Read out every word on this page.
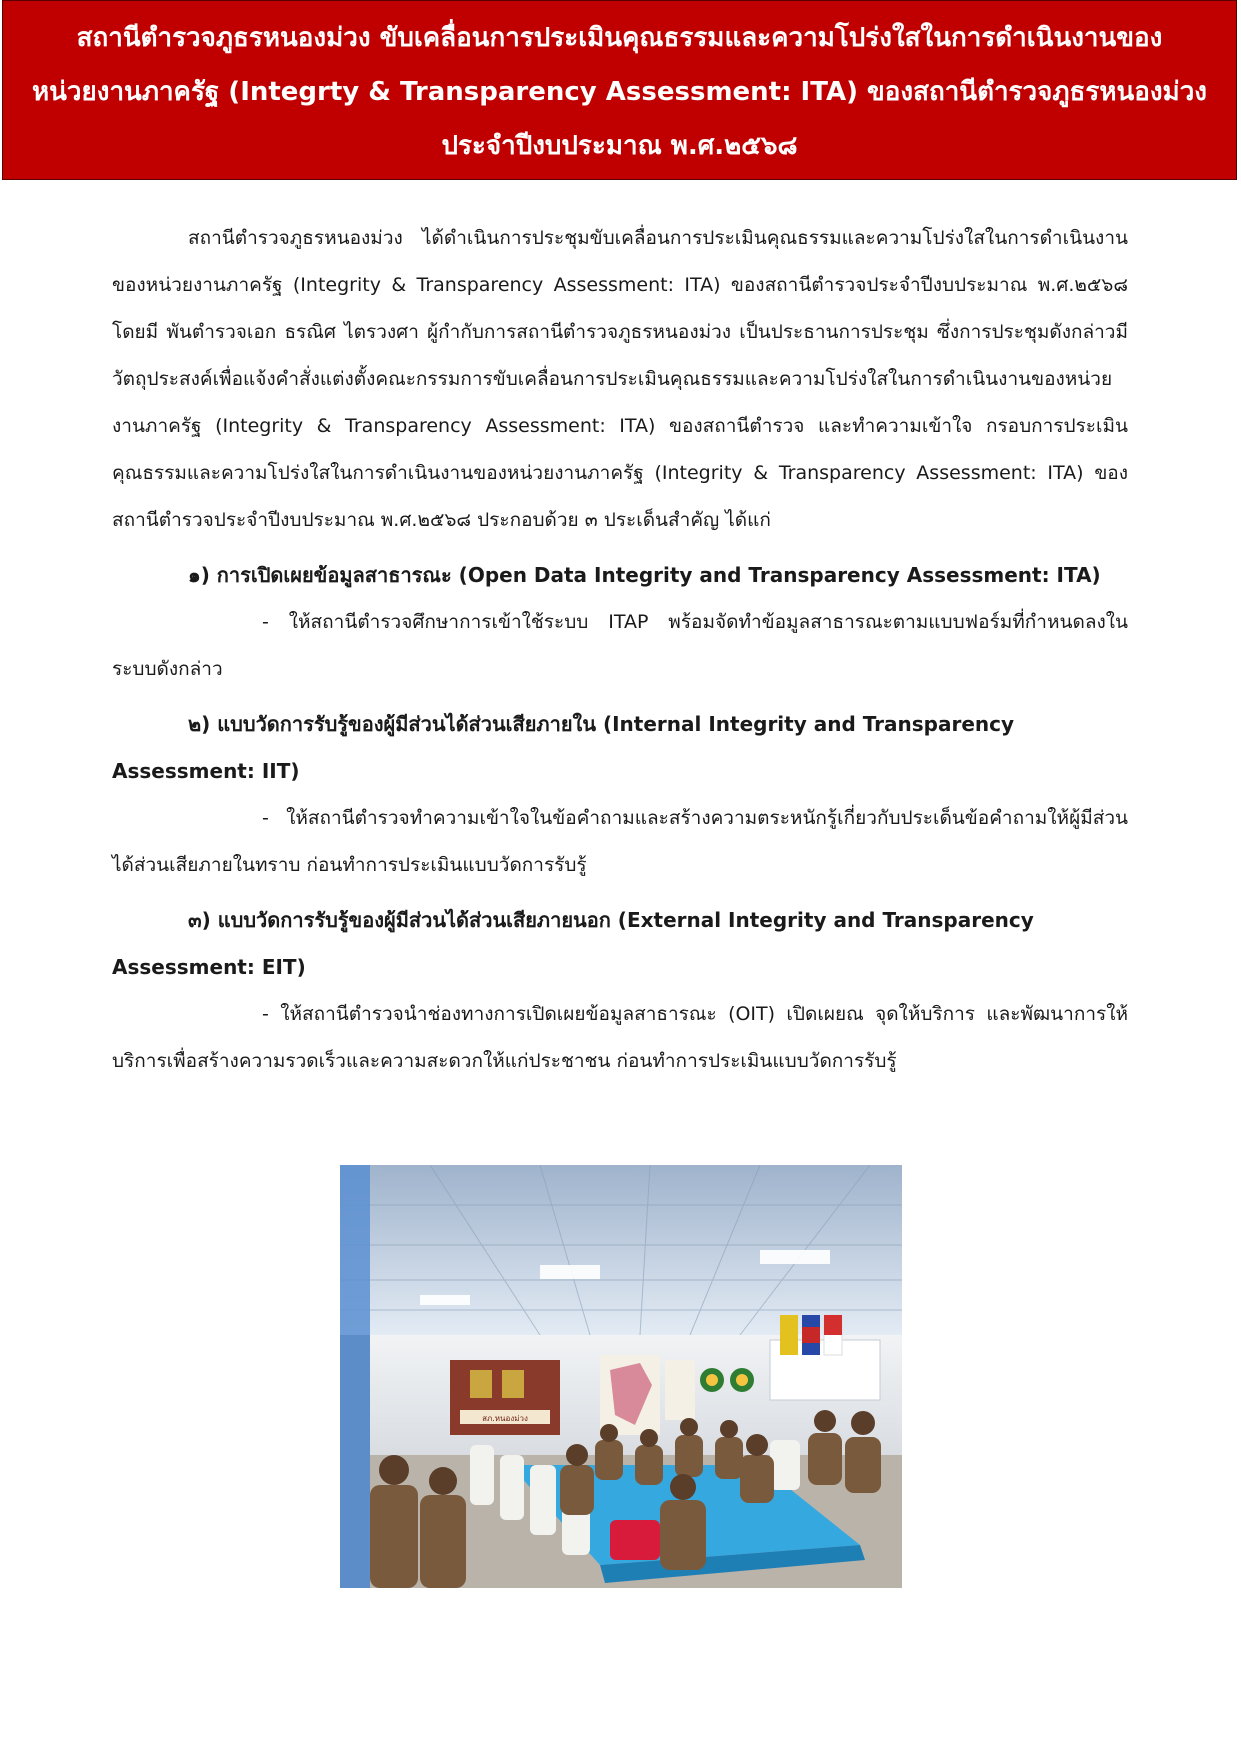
สถานีตำรวจภูธรหนองม่วง ขับเคลื่อนการประเมินคุณธรรมและความโปร่งใสในการดำเนินงานของ
หน่วยงานภาครัฐ (Integrty & Transparency Assessment: ITA) ของสถานีตำรวจภูธรหนองม่วง
ประจำปีงบประมาณ พ.ศ.๒๕๖๘

สถานีตำรวจภูธรหนองม่วง ได้ดำเนินการประชุมขับเคลื่อนการประเมินคุณธรรมและความโปร่งใสในการดำเนินงานของหน่วยงานภาครัฐ (Integrity & Transparency Assessment: ITA) ของสถานีตำรวจประจำปีงบประมาณ พ.ศ.๒๕๖๘ โดยมี พันตำรวจเอก ธรณิศ ไตรวงศา ผู้กำกับการสถานีตำรวจภูธรหนองม่วง เป็นประธานการประชุม ซึ่งการประชุมดังกล่าวมีวัตถุประสงค์เพื่อแจ้งคำสั่งแต่งตั้งคณะกรรมการขับเคลื่อนการประเมินคุณธรรมและความโปร่งใสในการดำเนินงานของหน่วยงานภาครัฐ (Integrity & Transparency Assessment: ITA) ของสถานีตำรวจ และทำความเข้าใจ กรอบการประเมินคุณธรรมและความโปร่งใสในการดำเนินงานของหน่วยงานภาครัฐ (Integrity & Transparency Assessment: ITA) ของสถานีตำรวจประจำปีงบประมาณ พ.ศ.๒๕๖๘ ประกอบด้วย ๓ ประเด็นสำคัญ ได้แก่

๑) การเปิดเผยข้อมูลสาธารณะ (Open Data Integrity and Transparency Assessment: ITA)

- ให้สถานีตำรวจศึกษาการเข้าใช้ระบบ ITAP พร้อมจัดทำข้อมูลสาธารณะตามแบบฟอร์มที่กำหนดลงในระบบดังกล่าว

๒) แบบวัดการรับรู้ของผู้มีส่วนได้ส่วนเสียภายใน (Internal Integrity and Transparency Assessment: IIT)

- ให้สถานีตำรวจทำความเข้าใจในข้อคำถามและสร้างความตระหนักรู้เกี่ยวกับประเด็นข้อคำถามให้ผู้มีส่วนได้ส่วนเสียภายในทราบ ก่อนทำการประเมินแบบวัดการรับรู้

๓) แบบวัดการรับรู้ของผู้มีส่วนได้ส่วนเสียภายนอก (External Integrity and Transparency Assessment: EIT)

- ให้สถานีตำรวจนำช่องทางการเปิดเผยข้อมูลสาธารณะ (OIT) เปิดเผยณ จุดให้บริการ และพัฒนาการให้บริการเพื่อสร้างความรวดเร็วและความสะดวกให้แก่ประชาชน ก่อนทำการประเมินแบบวัดการรับรู้

สภ.หนองม่วง
